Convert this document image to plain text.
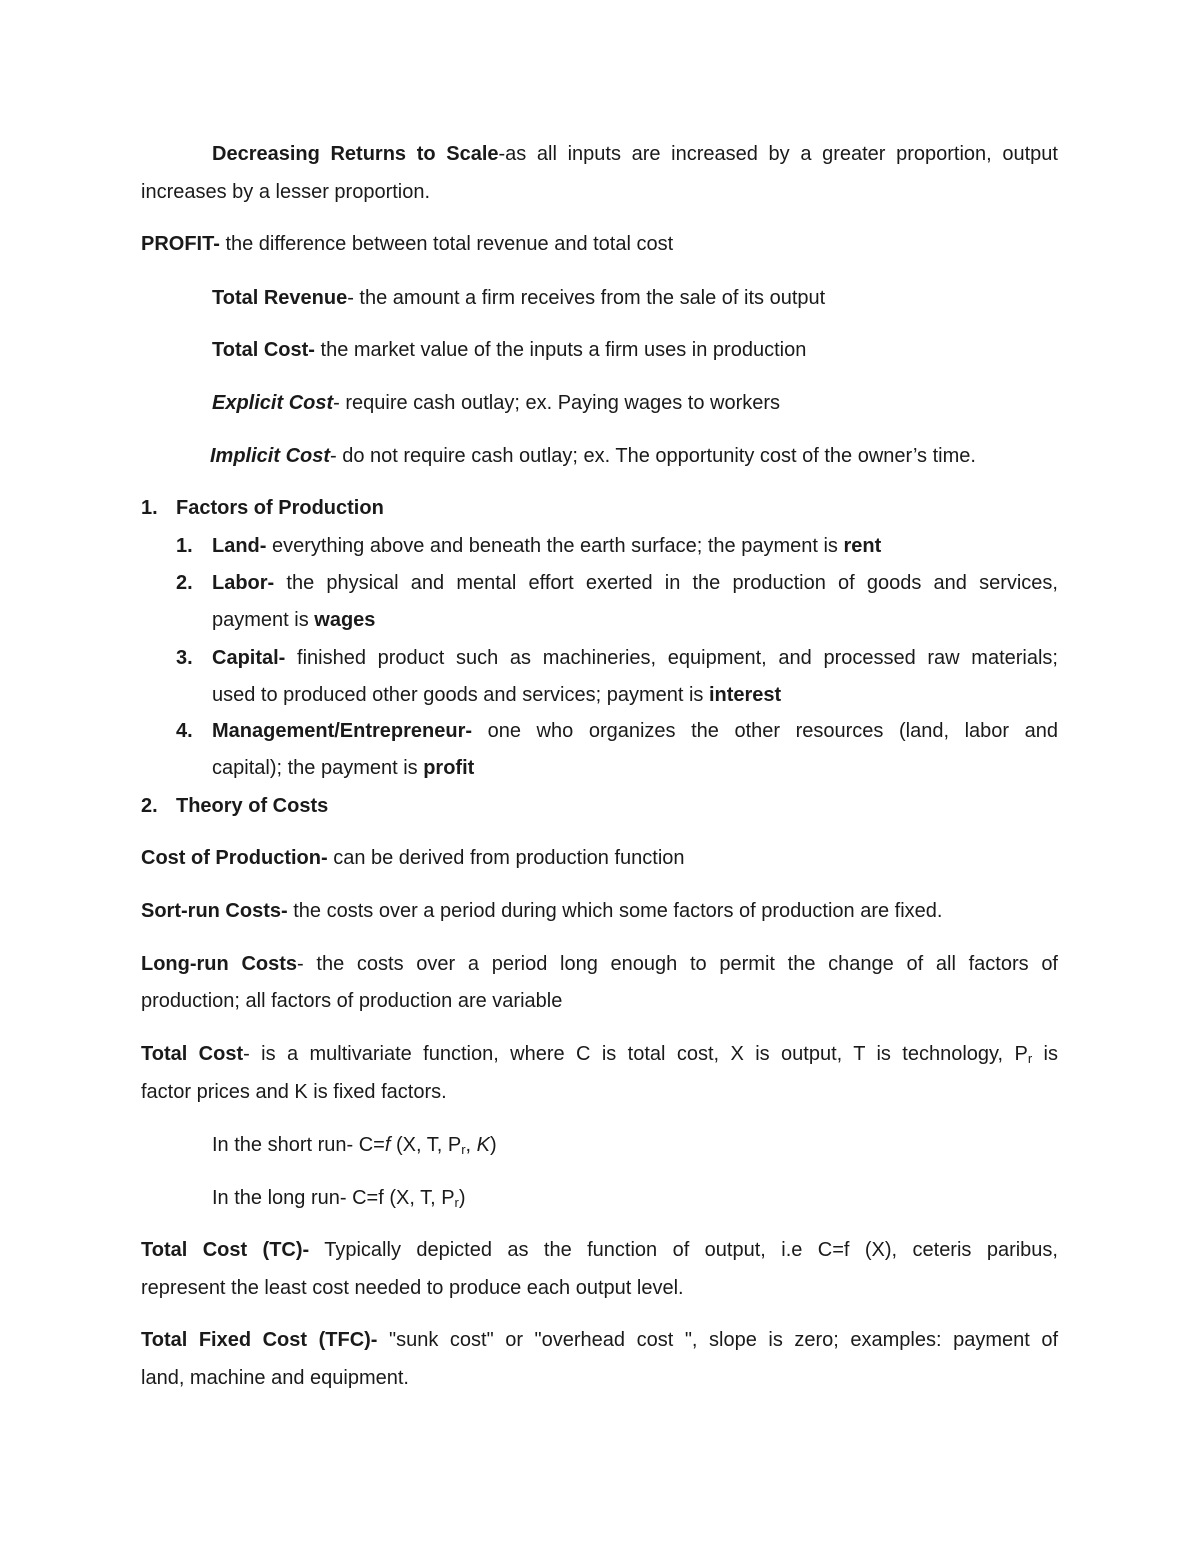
Decreasing Returns to Scale-as all inputs are increased by a greater proportion, output
increases by a lesser proportion.
PROFIT- the difference between total revenue and total cost
Total Revenue- the amount a firm receives from the sale of its output
Total Cost- the market value of the inputs a firm uses in production
Explicit Cost- require cash outlay; ex. Paying wages to workers
Implicit Cost- do not require cash outlay; ex. The opportunity cost of the owner’s time.
1. Factors of Production
1. Land- everything above and beneath the earth surface; the payment is rent
2. Labor- the physical and mental effort exerted in the production of goods and services,
payment is wages
3. Capital- finished product such as machineries, equipment, and processed raw materials;
used to produced other goods and services; payment is interest
4. Management/Entrepreneur- one who organizes the other resources (land, labor and
capital); the payment is profit
2. Theory of Costs
Cost of Production- can be derived from production function
Sort-run Costs- the costs over a period during which some factors of production are fixed.
Long-run Costs- the costs over a period long enough to permit the change of all factors of
production; all factors of production are variable
Total Cost- is a multivariate function, where C is total cost, X is output, T is technology, $P_r$ is
factor prices and K is fixed factors.
In the short run- C=f (X, T, $P_r$, K)
In the long run- C=f (X, T, $P_r$)
Total Cost (TC)- Typically depicted as the function of output, i.e C=f (X), ceteris paribus,
represent the least cost needed to produce each output level.
Total Fixed Cost (TFC)- "sunk cost" or "overhead cost ", slope is zero; examples: payment of
land, machine and equipment.
